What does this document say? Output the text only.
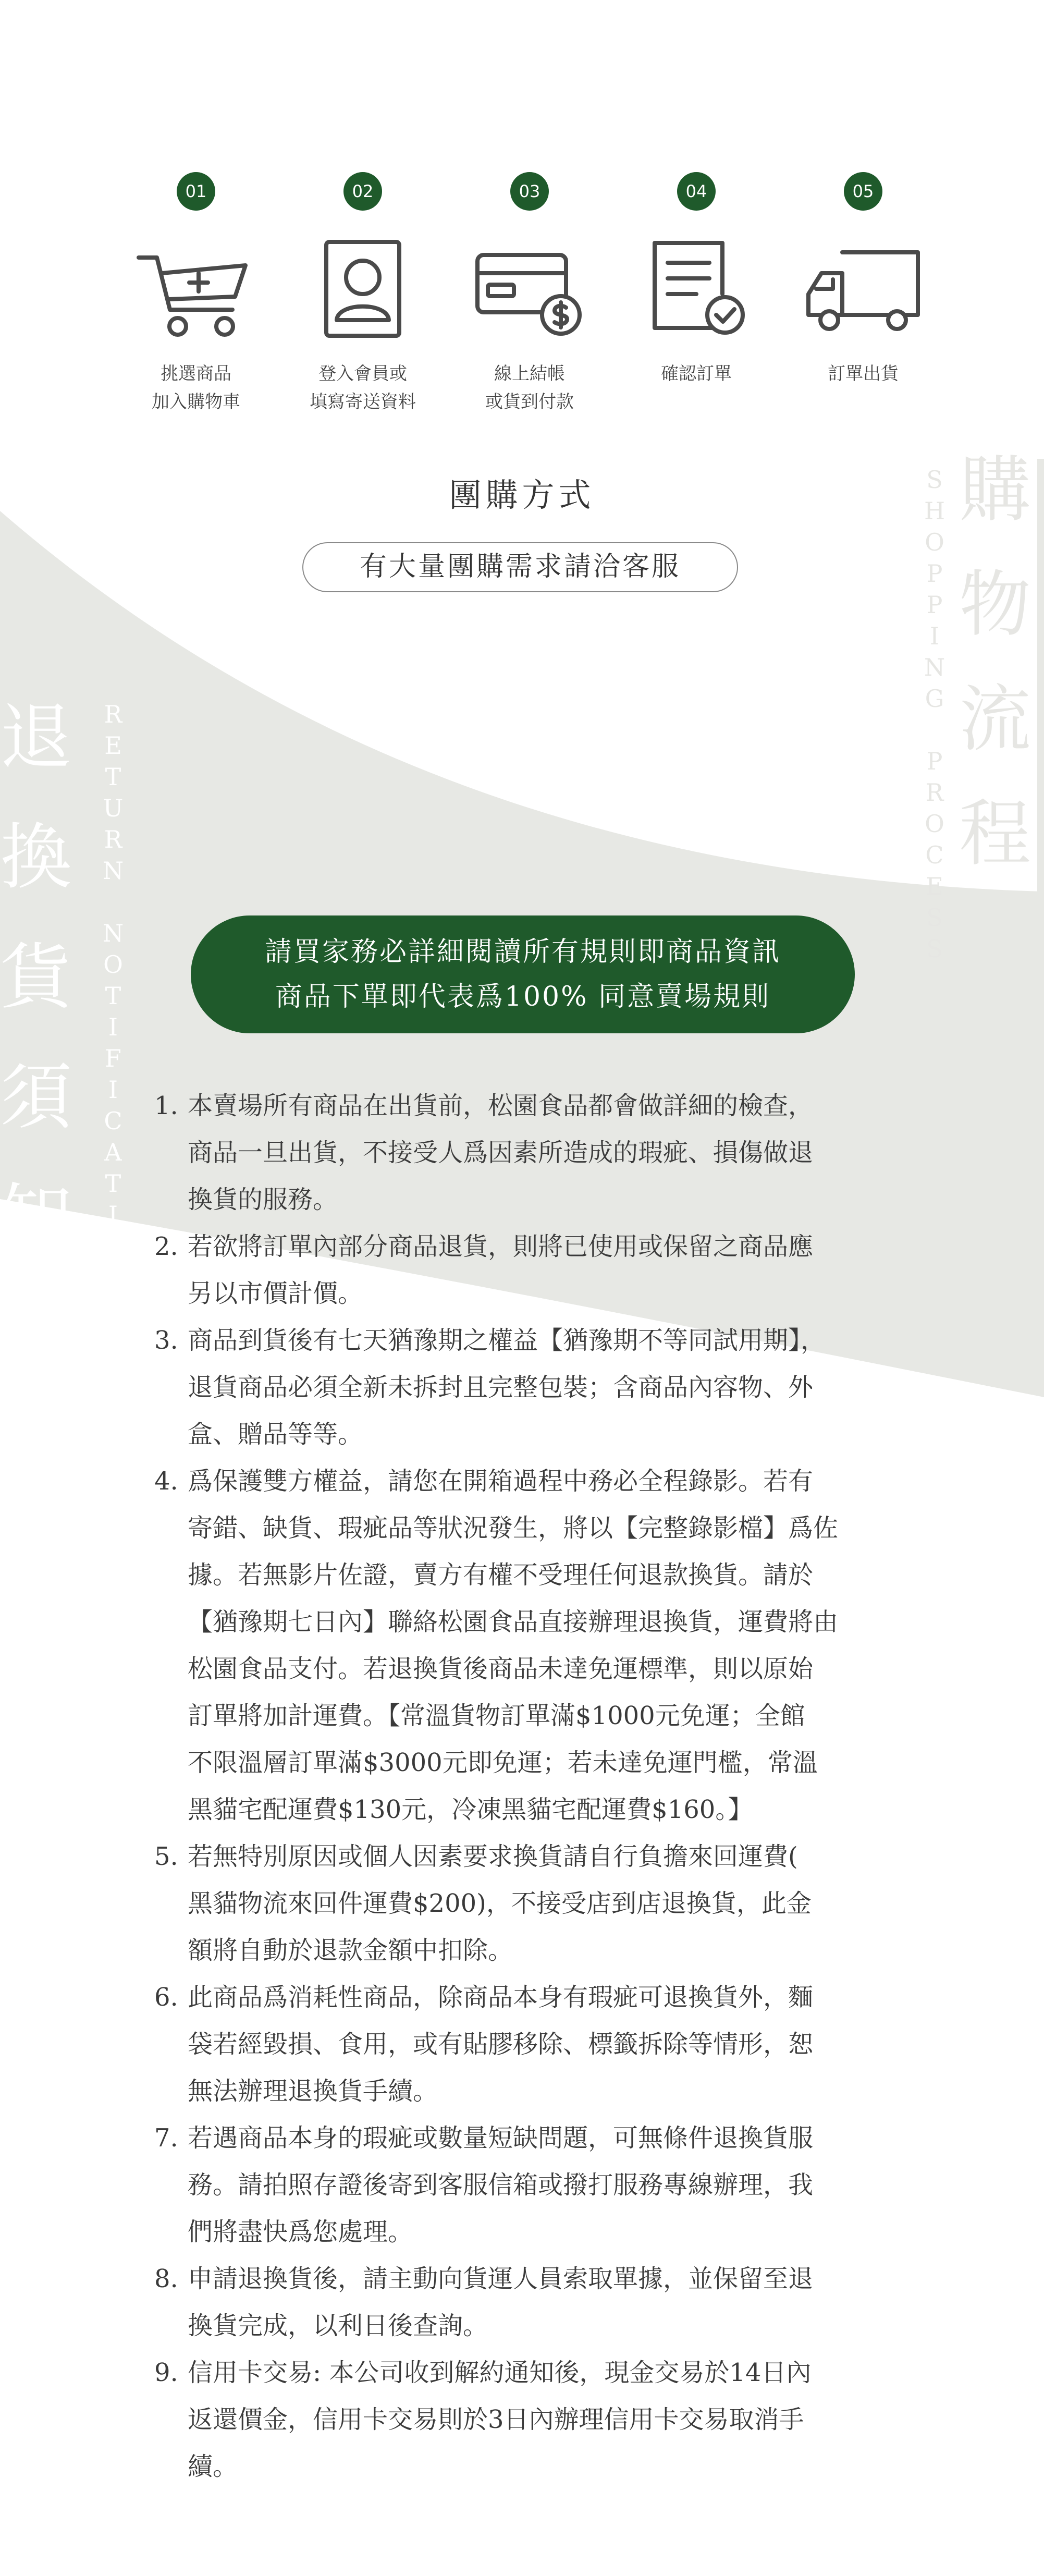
01
挑選商品
加入購物車
02
登入會員或
填寫寄送資料
03
線上結帳
或貨到付款
04
確認訂單
05
訂單出貨
購
物
流
程
S
H
O
P
P
I
N
G
P
R
O
C
E
S
S
退
換
貨
須
知
R
E
T
U
R
N
N
O
T
I
F
I
C
A
T
I
O
N
S
團購方式
有大量團購需求請洽客服
請買家務必詳細閱讀所有規則即商品資訊
商品下單即代表爲100% 同意賣場規則
1. 本賣場所有商品在出貨前，松園食品都會做詳細的檢查，
商品一旦出貨，不接受人爲因素所造成的瑕疵、損傷做退
換貨的服務。
2. 若欲將訂單內部分商品退貨，則將已使用或保留之商品應
另以市價計價。
3. 商品到貨後有七天猶豫期之權益【猶豫期不等同試用期】，
退貨商品必須全新未拆封且完整包裝；含商品內容物、外
盒、贈品等等。
4. 爲保護雙方權益，請您在開箱過程中務必全程錄影。若有
寄錯、缺貨、瑕疵品等狀況發生，將以【完整錄影檔】爲佐
據。若無影片佐證，賣方有權不受理任何退款換貨。請於
【猶豫期七日內】聯絡松園食品直接辦理退換貨，運費將由
松園食品支付。若退換貨後商品未達免運標準，則以原始
訂單將加計運費。【常溫貨物訂單滿$1000元免運；全館
不限溫層訂單滿$3000元即免運；若未達免運門檻，常溫
黑貓宅配運費$130元，冷凍黑貓宅配運費$160。】
5. 若無特別原因或個人因素要求換貨請自行負擔來回運費(
黑貓物流來回件運費$200)，不接受店到店退換貨，此金
額將自動於退款金額中扣除。
6. 此商品爲消耗性商品，除商品本身有瑕疵可退換貨外，麵
袋若經毀損、食用，或有貼膠移除、標籤拆除等情形，恕
無法辦理退換貨手續。
7. 若遇商品本身的瑕疵或數量短缺問題，可無條件退換貨服
務。請拍照存證後寄到客服信箱或撥打服務專線辦理，我
們將盡快爲您處理。
8. 申請退換貨後，請主動向貨運人員索取單據，並保留至退
換貨完成，以利日後查詢。
9. 信用卡交易: 本公司收到解約通知後，現金交易於14日內
返還價金，信用卡交易則於3日內辦理信用卡交易取消手
續。
